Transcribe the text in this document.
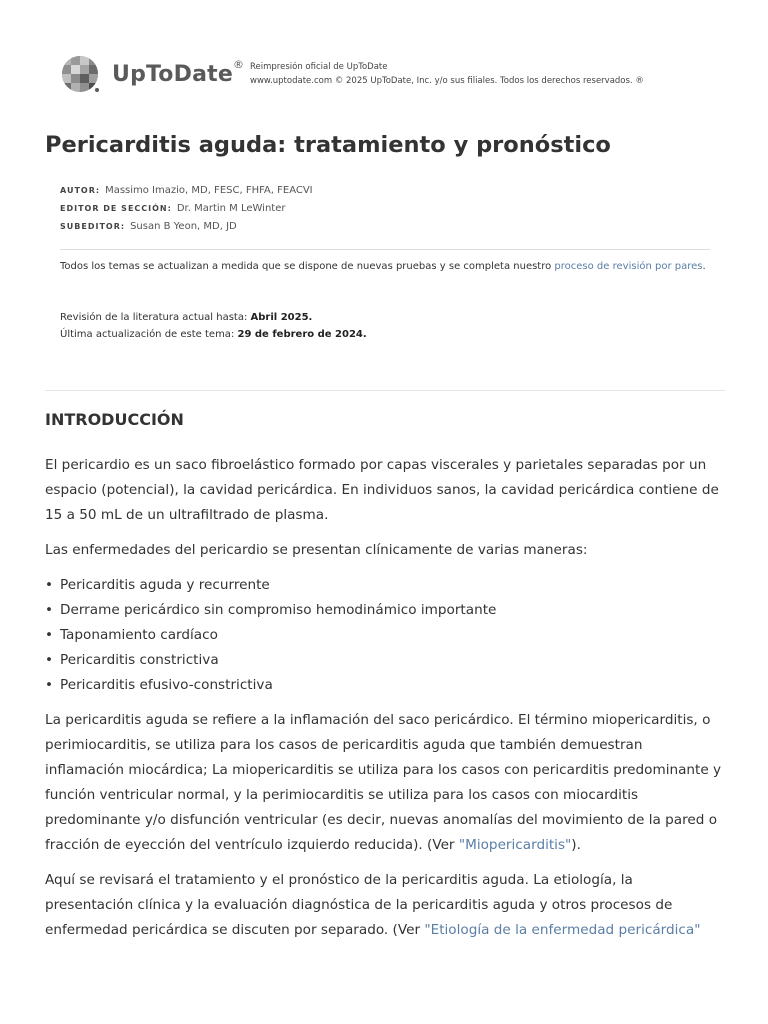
UpToDate® Reimpresión oficial de UpToDate
www.uptodate.com © 2025 UpToDate, Inc. y/o sus filiales. Todos los derechos reservados. ®
Pericarditis aguda: tratamiento y pronóstico
AUTOR: Massimo Imazio, MD, FESC, FHFA, FEACVI
EDITOR DE SECCIÓN: Dr. Martin M LeWinter
SUBEDITOR: Susan B Yeon, MD, JD
Todos los temas se actualizan a medida que se dispone de nuevas pruebas y se completa nuestro proceso de revisión por pares.
Revisión de la literatura actual hasta: Abril 2025.
Última actualización de este tema: 29 de febrero de 2024.
INTRODUCCIÓN

El pericardio es un saco fibroelástico formado por capas viscerales y parietales separadas por un espacio (potencial), la cavidad pericárdica. En individuos sanos, la cavidad pericárdica contiene de 15 a 50 mL de un ultrafiltrado de plasma.

Las enfermedades del pericardio se presentan clínicamente de varias maneras:

• Pericarditis aguda y recurrente
• Derrame pericárdico sin compromiso hemodinámico importante
• Taponamiento cardíaco
• Pericarditis constrictiva
• Pericarditis efusivo-constrictiva

La pericarditis aguda se refiere a la inflamación del saco pericárdico. El término miopericarditis, o perimiocarditis, se utiliza para los casos de pericarditis aguda que también demuestran inflamación miocárdica; La miopericarditis se utiliza para los casos con pericarditis predominante y función ventricular normal, y la perimiocarditis se utiliza para los casos con miocarditis predominante y/o disfunción ventricular (es decir, nuevas anomalías del movimiento de la pared o fracción de eyección del ventrículo izquierdo reducida). (Ver "Miopericarditis").

Aquí se revisará el tratamiento y el pronóstico de la pericarditis aguda. La etiología, la presentación clínica y la evaluación diagnóstica de la pericarditis aguda y otros procesos de enfermedad pericárdica se discuten por separado. (Ver "Etiología de la enfermedad pericárdica"
